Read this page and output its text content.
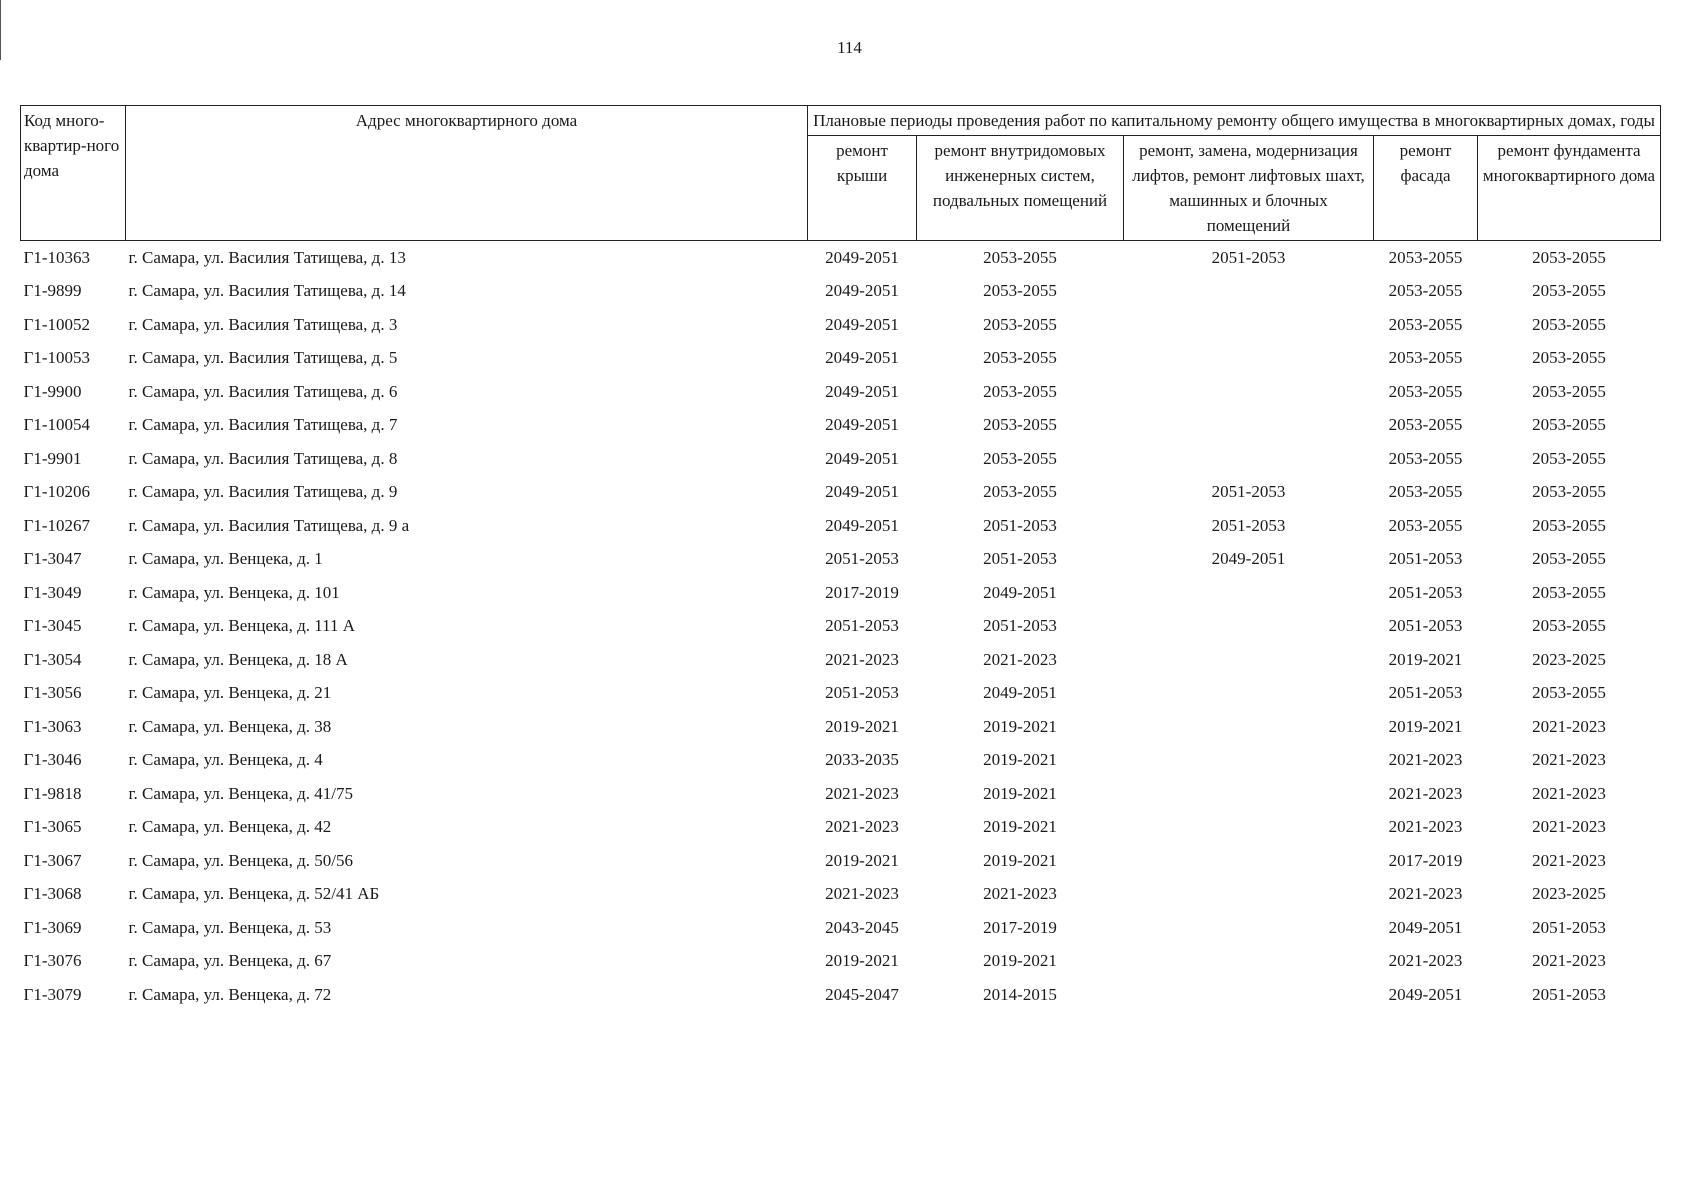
114
Код много-квартир-ного дома	Адрес многоквартирного дома	Плановые периоды проведения работ по капитальному ремонту общего имущества в многоквартирных домах, годы				
		ремонт крыши	ремонт внутридомовых инженерных систем, подвальных помещений	ремонт, замена, модернизация лифтов, ремонт лифтовых шахт, машинных и блочных помещений	ремонт фасада	ремонт фундамента многоквартирного дома
Г1-10363	г. Самара, ул. Василия Татищева, д. 13	2049-2051	2053-2055	2051-2053	2053-2055	2053-2055
Г1-9899	г. Самара, ул. Василия Татищева, д. 14	2049-2051	2053-2055		2053-2055	2053-2055
Г1-10052	г. Самара, ул. Василия Татищева, д. 3	2049-2051	2053-2055		2053-2055	2053-2055
Г1-10053	г. Самара, ул. Василия Татищева, д. 5	2049-2051	2053-2055		2053-2055	2053-2055
Г1-9900	г. Самара, ул. Василия Татищева, д. 6	2049-2051	2053-2055		2053-2055	2053-2055
Г1-10054	г. Самара, ул. Василия Татищева, д. 7	2049-2051	2053-2055		2053-2055	2053-2055
Г1-9901	г. Самара, ул. Василия Татищева, д. 8	2049-2051	2053-2055		2053-2055	2053-2055
Г1-10206	г. Самара, ул. Василия Татищева, д. 9	2049-2051	2053-2055	2051-2053	2053-2055	2053-2055
Г1-10267	г. Самара, ул. Василия Татищева, д. 9 а	2049-2051	2051-2053	2051-2053	2053-2055	2053-2055
Г1-3047	г. Самара, ул. Венцека, д. 1	2051-2053	2051-2053	2049-2051	2051-2053	2053-2055
Г1-3049	г. Самара, ул. Венцека, д. 101	2017-2019	2049-2051		2051-2053	2053-2055
Г1-3045	г. Самара, ул. Венцека, д. 111 А	2051-2053	2051-2053		2051-2053	2053-2055
Г1-3054	г. Самара, ул. Венцека, д. 18 А	2021-2023	2021-2023		2019-2021	2023-2025
Г1-3056	г. Самара, ул. Венцека, д. 21	2051-2053	2049-2051		2051-2053	2053-2055
Г1-3063	г. Самара, ул. Венцека, д. 38	2019-2021	2019-2021		2019-2021	2021-2023
Г1-3046	г. Самара, ул. Венцека, д. 4	2033-2035	2019-2021		2021-2023	2021-2023
Г1-9818	г. Самара, ул. Венцека, д. 41/75	2021-2023	2019-2021		2021-2023	2021-2023
Г1-3065	г. Самара, ул. Венцека, д. 42	2021-2023	2019-2021		2021-2023	2021-2023
Г1-3067	г. Самара, ул. Венцека, д. 50/56	2019-2021	2019-2021		2017-2019	2021-2023
Г1-3068	г. Самара, ул. Венцека, д. 52/41 АБ	2021-2023	2021-2023		2021-2023	2023-2025
Г1-3069	г. Самара, ул. Венцека, д. 53	2043-2045	2017-2019		2049-2051	2051-2053
Г1-3076	г. Самара, ул. Венцека, д. 67	2019-2021	2019-2021		2021-2023	2021-2023
Г1-3079	г. Самара, ул. Венцека, д. 72	2045-2047	2014-2015		2049-2051	2051-2053
